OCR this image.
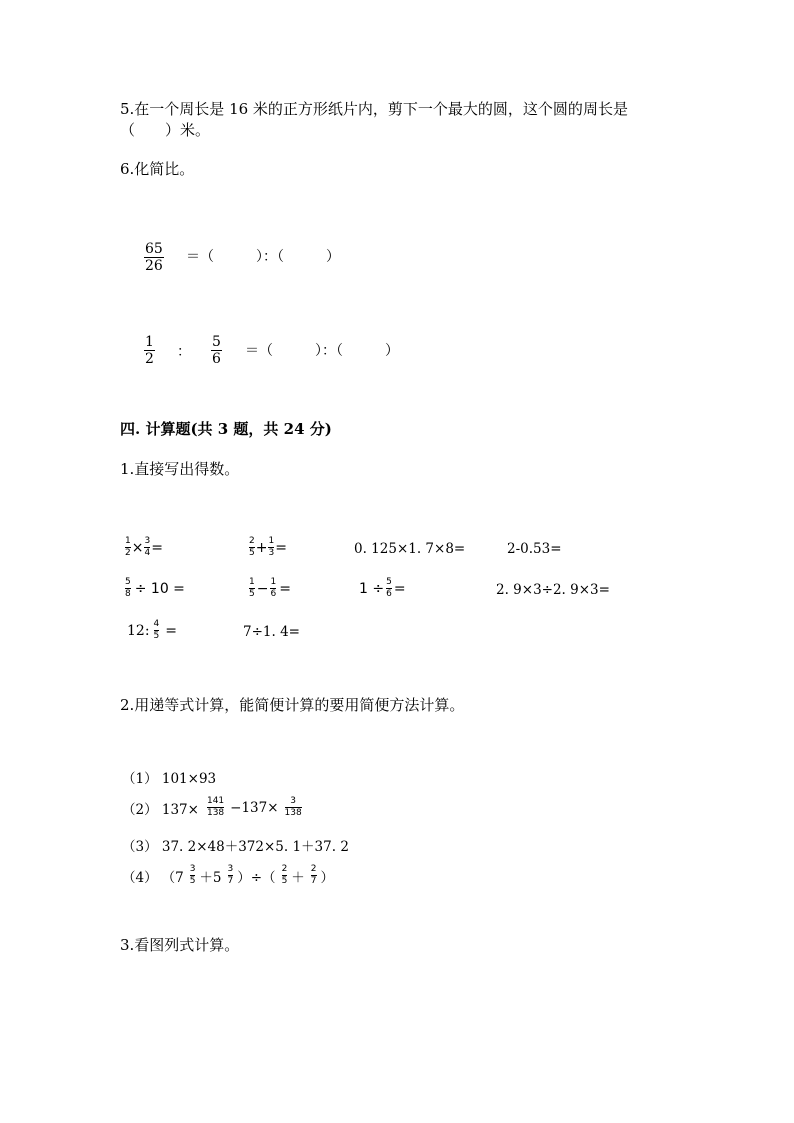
5.在一个周长是 16 米的正方形纸片内，剪下一个最大的圆，这个圆的周长是
（　　）米。
6.化简比。
$\frac{65}{26}$ ＝（　　　）：（　　　）
$\frac{1}{2}$ ： $\frac{5}{6}$ ＝（　　　）：（　　　）
四. 计算题(共 3 题，共 24 分)
1.直接写出得数。
$\frac{1}{2} \times \frac{3}{4}$ =	$\frac{2}{5} + \frac{1}{3}$ =	0. 125×1. 7×8=	2-0.53=
$\frac{5}{8} \div 10$ =	$\frac{1}{5} - \frac{1}{6}$ =	$1 \div \frac{5}{6}$ =	2. 9×3÷2. 9×3=
12: $\frac{4}{5}$ =	7÷1. 4=
2.用递等式计算，能简便计算的要用简便方法计算。
（1） 101×93
（2） $137\times \frac{141}{138} -137\times \frac{3}{138}$
（3） 37. 2×48＋372×5. 1＋37. 2
（4） （$7 \frac{3}{5} +5 \frac{3}{7}$ ）÷（ $\frac{2}{5} + \frac{2}{7}$ ）
3.看图列式计算。
